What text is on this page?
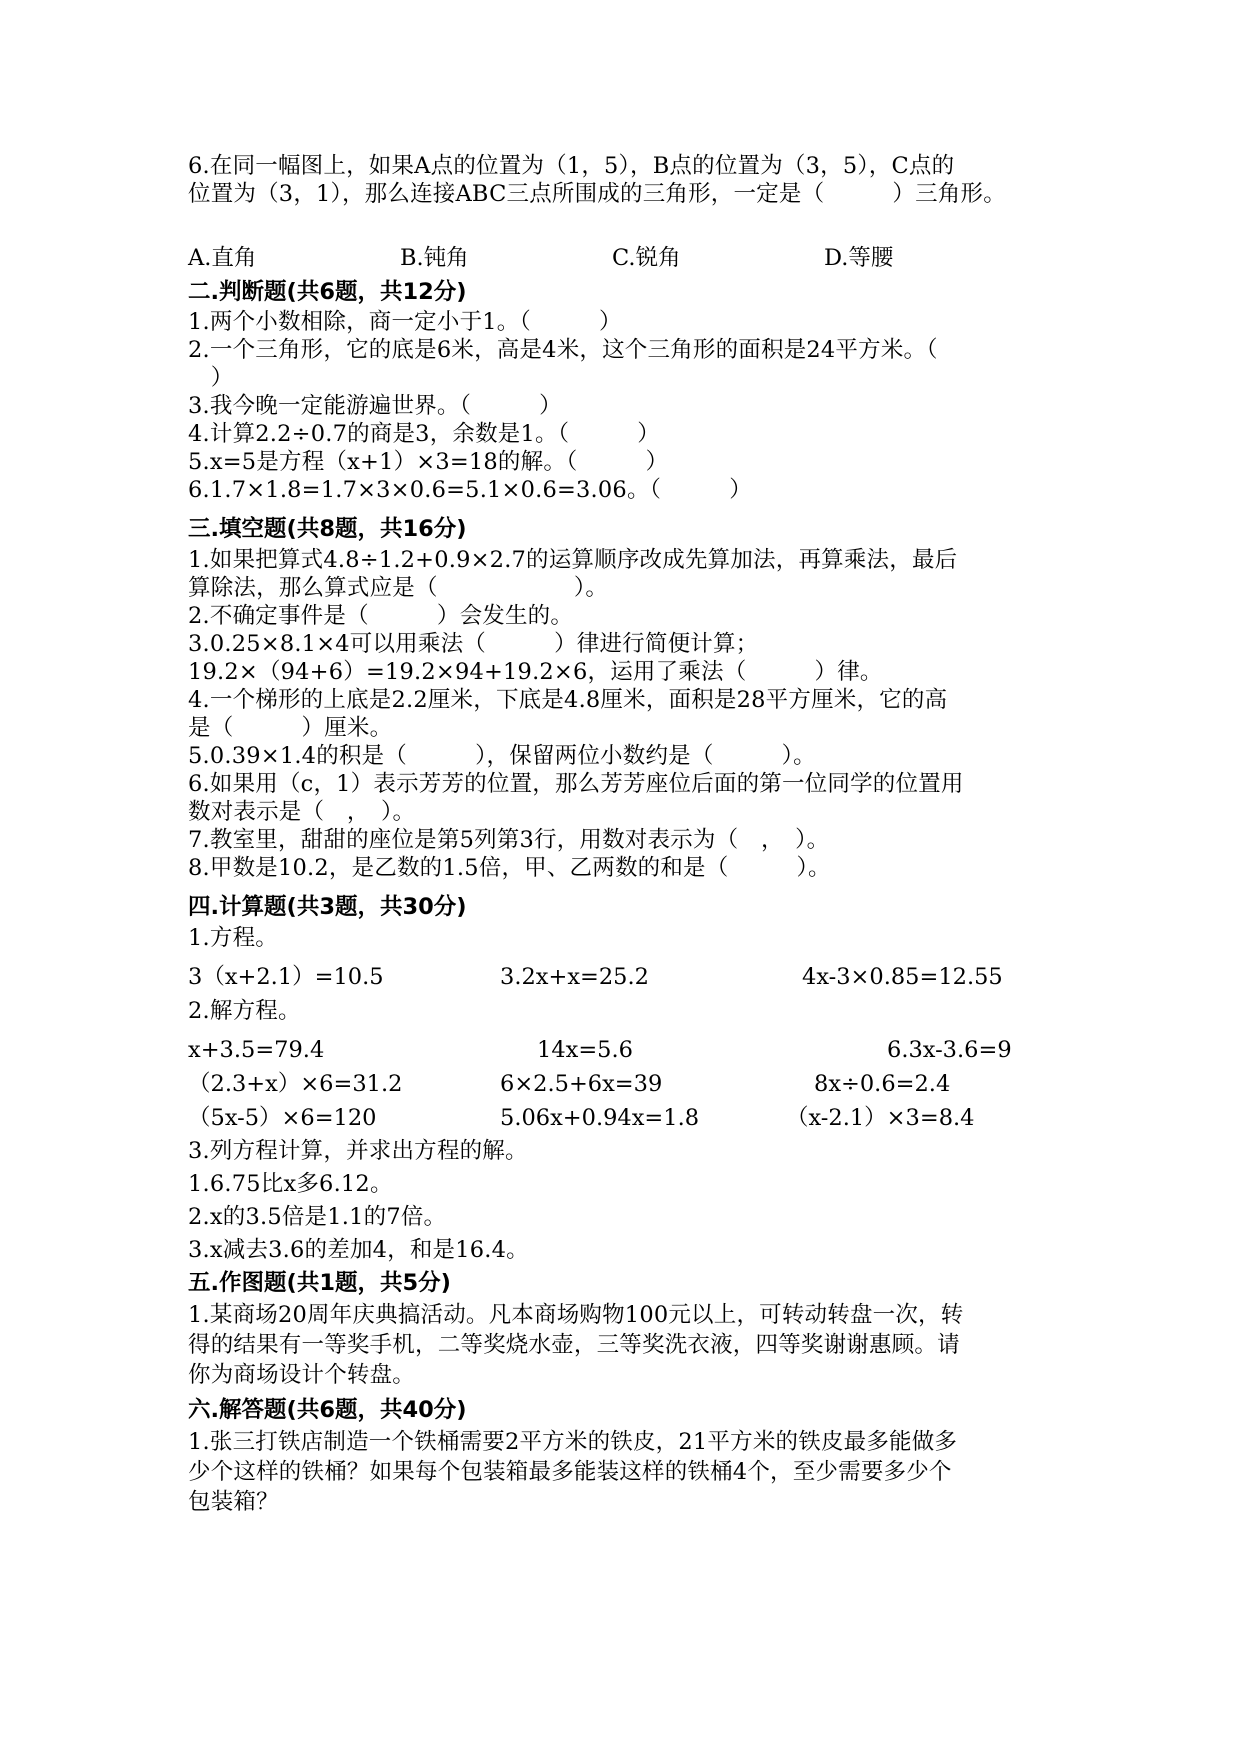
6.在同一幅图上，如果A点的位置为（1，5），B点的位置为（3，5），C点的
位置为（3，1），那么连接ABC三点所围成的三角形，一定是（　　　）三角形。
A.直角	B.钝角	C.锐角	D.等腰
二.判断题(共6题，共12分)
1.两个小数相除，商一定小于1。（　　　）
2.一个三角形，它的底是6米，高是4米，这个三角形的面积是24平方米。（
　）
3.我今晚一定能游遍世界。（　　　）
4.计算2.2÷0.7的商是3，余数是1。（　　　）
5.x=5是方程（x+1）×3=18的解。（　　　）
6.1.7×1.8=1.7×3×0.6=5.1×0.6=3.06。（　　　）
三.填空题(共8题，共16分)
1.如果把算式4.8÷1.2+0.9×2.7的运算顺序改成先算加法，再算乘法，最后
算除法，那么算式应是（　　　　　　）。
2.不确定事件是（　　　）会发生的。
3.0.25×8.1×4可以用乘法（　　　）律进行简便计算；
19.2×（94+6）=19.2×94+19.2×6，运用了乘法（　　　）律。
4.一个梯形的上底是2.2厘米，下底是4.8厘米，面积是28平方厘米，它的高
是（　　　）厘米。
5.0.39×1.4的积是（　　　），保留两位小数约是（　　　）。
6.如果用（c，1）表示芳芳的位置，那么芳芳座位后面的第一位同学的位置用
数对表示是（　，　）。
7.教室里，甜甜的座位是第5列第3行，用数对表示为（　，　）。
8.甲数是10.2，是乙数的1.5倍，甲、乙两数的和是（　　　）。
四.计算题(共3题，共30分)
1.方程。
3（x+2.1）=10.5	3.2x+x=25.2	4x-3×0.85=12.55
2.解方程。
x+3.5=79.4	14x=5.6	6.3x-3.6=9
（2.3+x）×6=31.2	6×2.5+6x=39	8x÷0.6=2.4
（5x-5）×6=120	5.06x+0.94x=1.8	（x-2.1）×3=8.4
3.列方程计算，并求出方程的解。
1.6.75比x多6.12。
2.x的3.5倍是1.1的7倍。
3.x减去3.6的差加4，和是16.4。
五.作图题(共1题，共5分)
1.某商场20周年庆典搞活动。凡本商场购物100元以上，可转动转盘一次，转
得的结果有一等奖手机，二等奖烧水壶，三等奖洗衣液，四等奖谢谢惠顾。请
你为商场设计个转盘。
六.解答题(共6题，共40分)
1.张三打铁店制造一个铁桶需要2平方米的铁皮，21平方米的铁皮最多能做多
少个这样的铁桶？如果每个包装箱最多能装这样的铁桶4个，至少需要多少个
包装箱？
